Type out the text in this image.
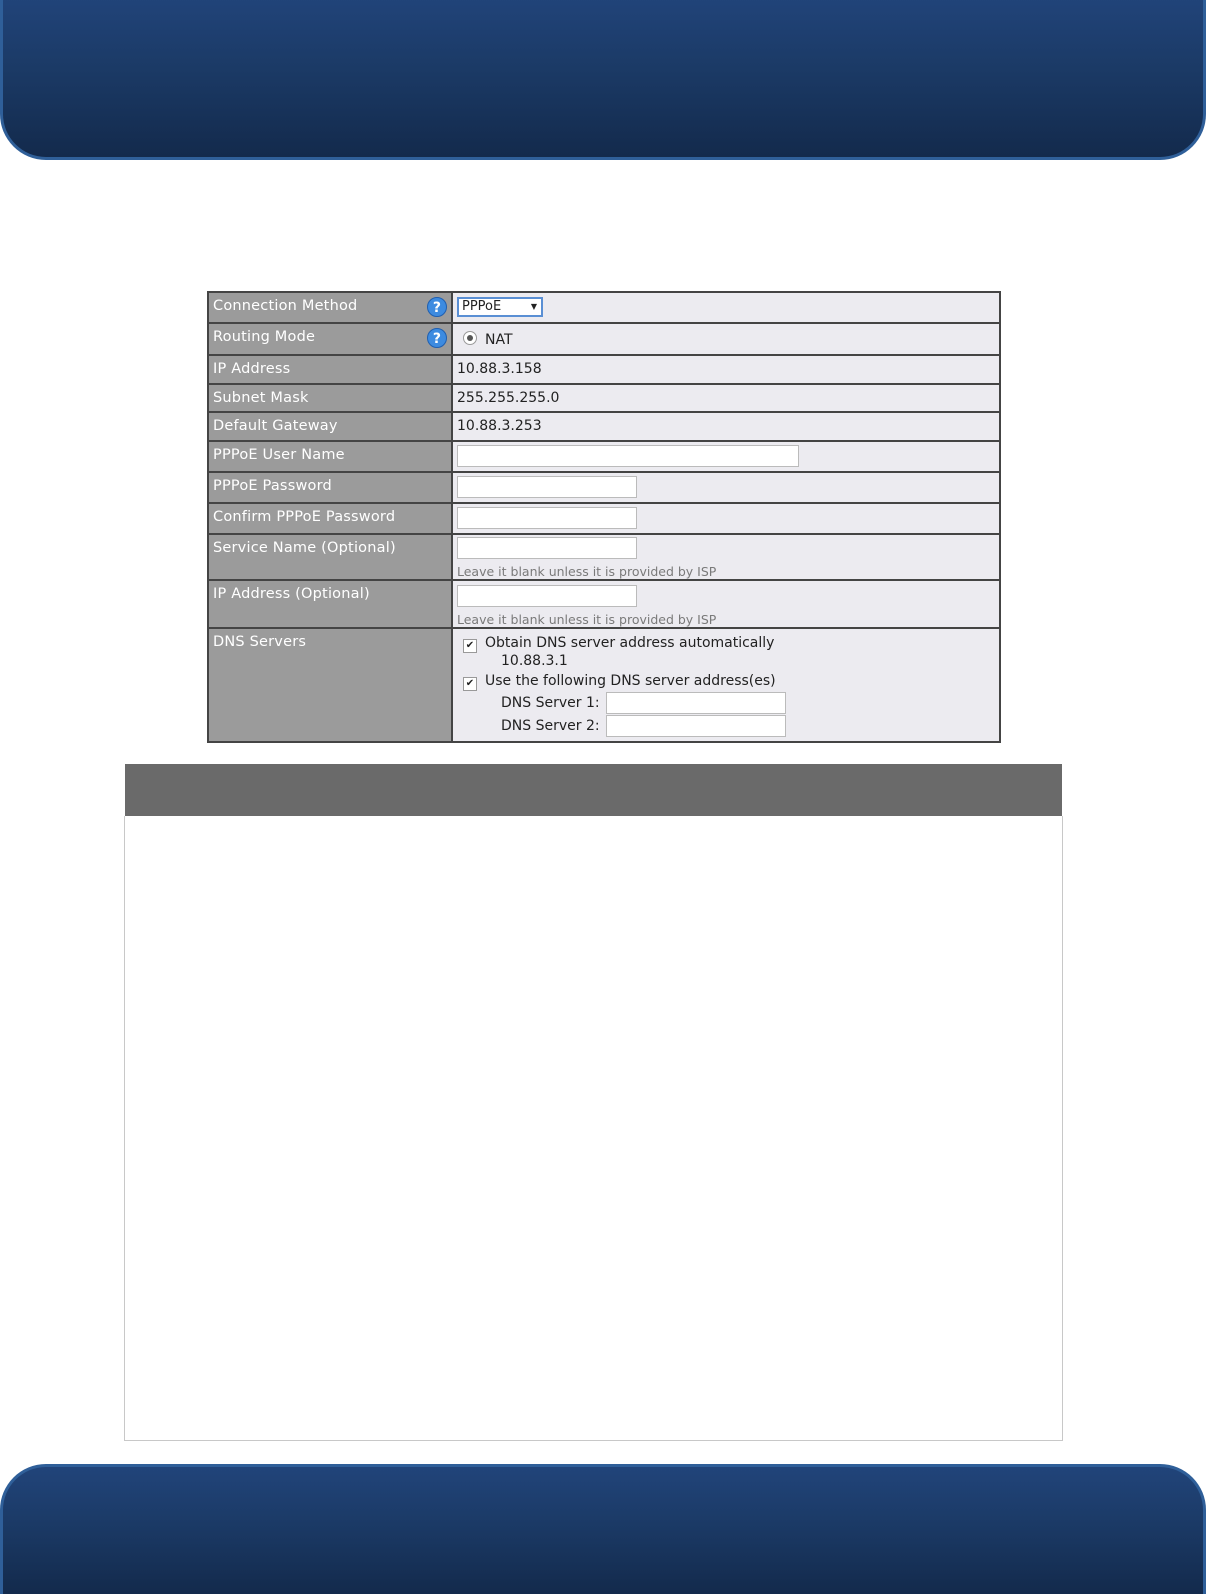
Connection Method ?	PPPoE ▼

Routing Mode ?	NAT
IP Address	10.88.3.158
Subnet Mask	255.255.255.0
Default Gateway	10.88.3.253
PPPoE User Name	
PPPoE Password	
Confirm PPPoE Password	
Service Name (Optional)	Leave it blank unless it is provided by ISP

IP Address (Optional)	Leave it blank unless it is provided by ISP

DNS Servers	✔ Obtain DNS server address automatically
10.88.3.1
✔ Use the following DNS server address(es)
DNS Server 1:
DNS Server 2:
